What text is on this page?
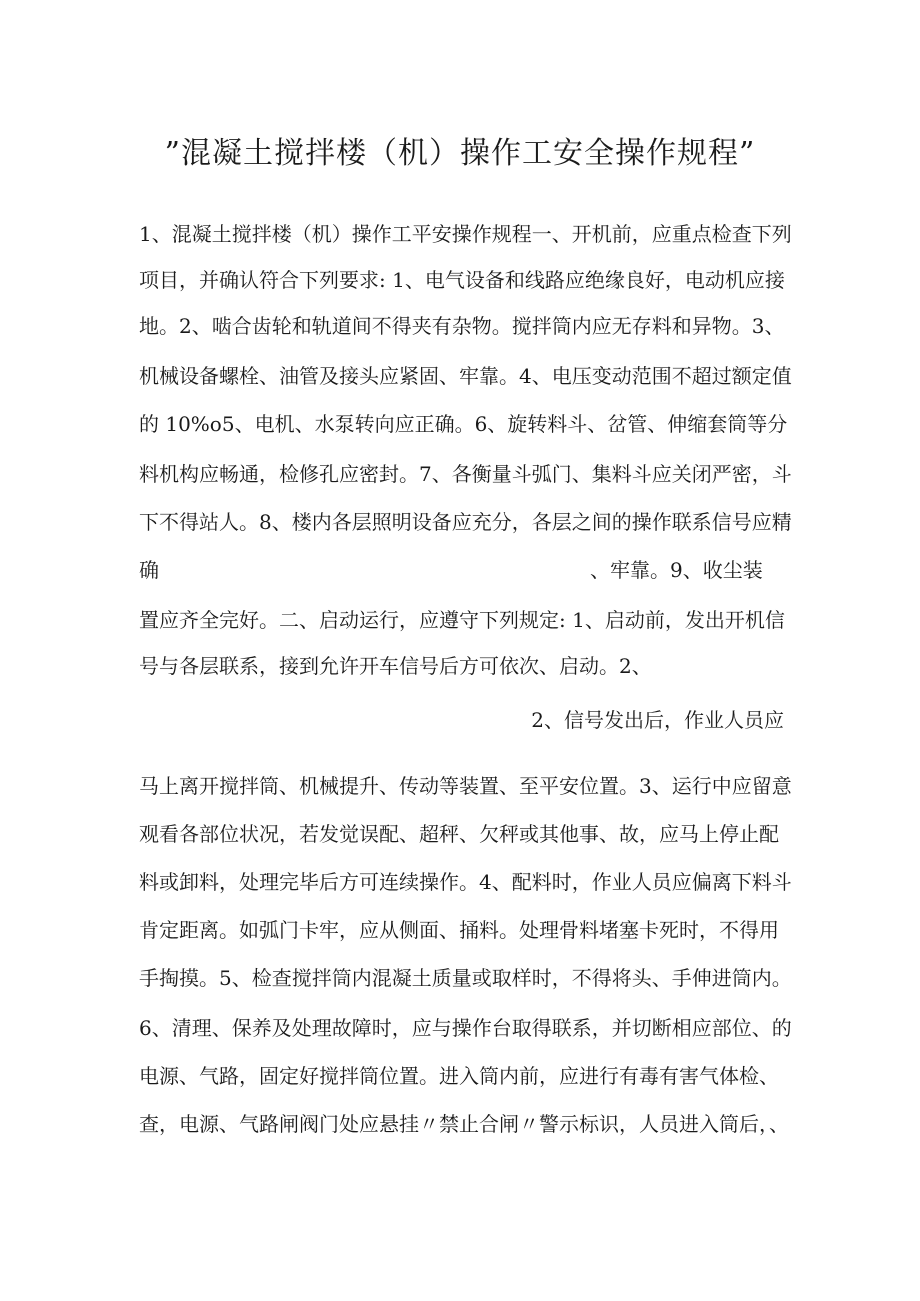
”混凝土搅拌楼（机）操作工安全操作规程”
1、混凝土搅拌楼（机）操作工平安操作规程一、开机前，应重点检查下列
项目，并确认符合下列要求: 1、电气设备和线路应绝缘良好，电动机应接
地。2、啮合齿轮和轨道间不得夹有杂物。搅拌筒内应无存料和异物。3、
机械设备螺栓、油管及接头应紧固、牢靠。4、电压变动范围不超过额定值
的 10%o5、电机、水泵转向应正确。6、旋转料斗、岔管、伸缩套筒等分
料机构应畅通，检修孔应密封。7、各衡量斗弧门、集料斗应关闭严密，斗
下不得站人。8、楼内各层照明设备应充分，各层之间的操作联系信号应精
确	、牢靠。9、收尘装
置应齐全完好。二、启动运行，应遵守下列规定: 1、启动前，发出开机信
号与各层联系，接到允许开车信号后方可依次、启动。2、
2、信号发出后，作业人员应
马上离开搅拌筒、机械提升、传动等装置、至平安位置。3、运行中应留意
观看各部位状况，若发觉误配、超秤、欠秤或其他事、故，应马上停止配
料或卸料，处理完毕后方可连续操作。4、配料时，作业人员应偏离下料斗
肯定距离。如弧门卡牢，应从侧面、捅料。处理骨料堵塞卡死时，不得用
手掏摸。5、检查搅拌筒内混凝土质量或取样时，不得将头、手伸进筒内。
6、清理、保养及处理故障时，应与操作台取得联系，并切断相应部位、的
电源、气路，固定好搅拌筒位置。进入筒内前，应进行有毒有害气体检、
查，电源、气路闸阀门处应悬挂〃禁止合闸〃警示标识，人员进入筒后，、
